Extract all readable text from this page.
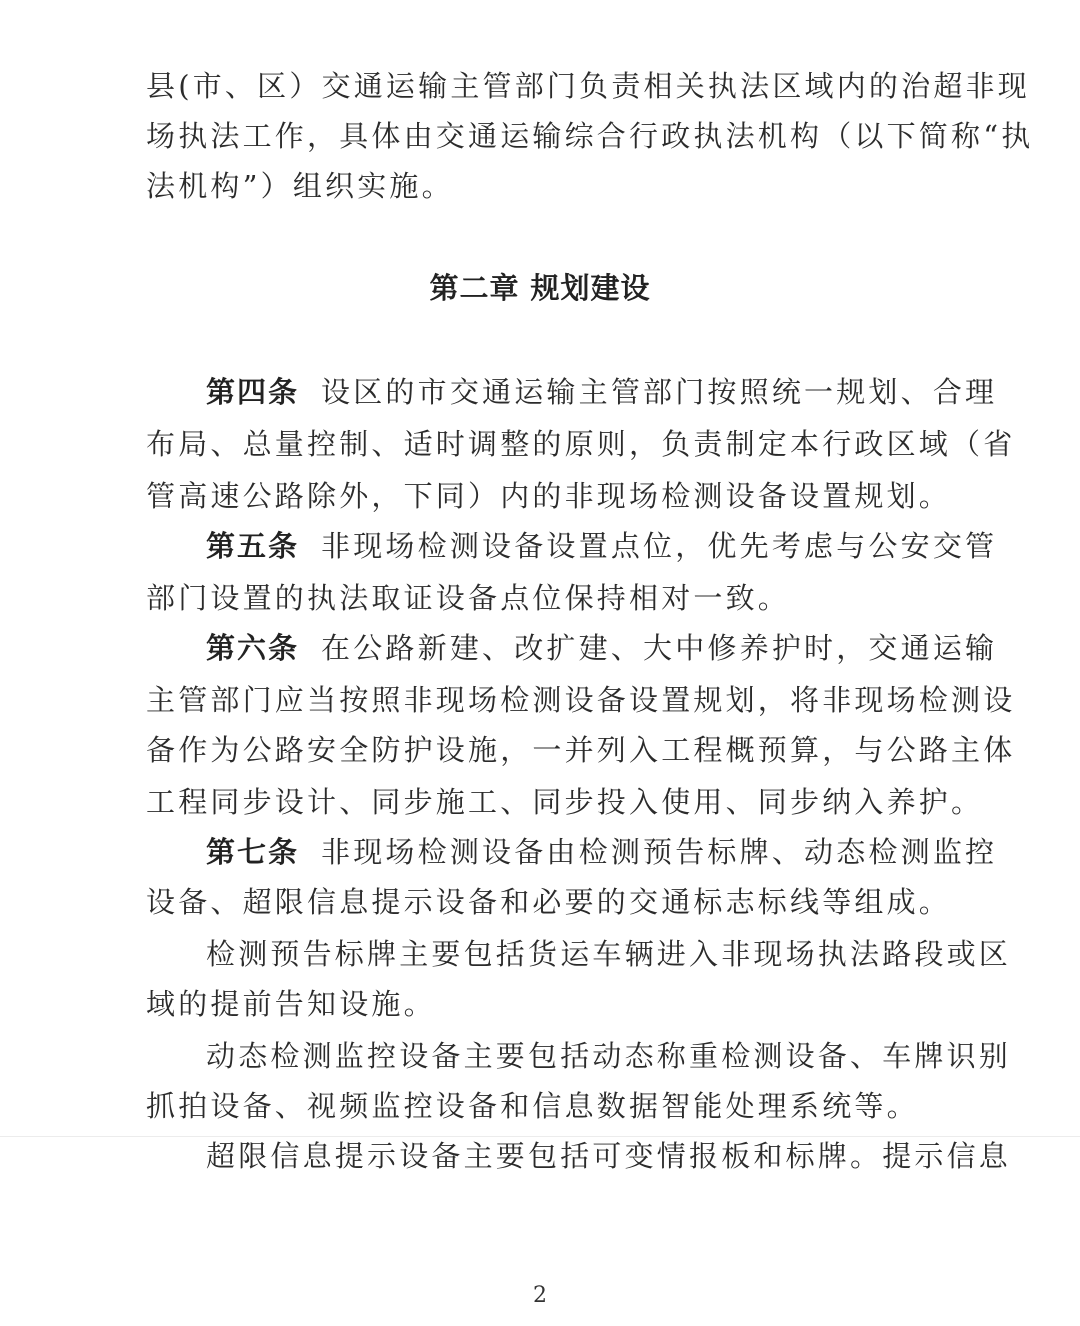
县(市、区）交通运输主管部门负责相关执法区域内的治超非现
场执法工作，具体由交通运输综合行政执法机构（以下简称“执
法机构”）组织实施。
第二章 规划建设
第四条 设区的市交通运输主管部门按照统一规划、合理
布局、总量控制、适时调整的原则，负责制定本行政区域（省
管高速公路除外，下同）内的非现场检测设备设置规划。
第五条 非现场检测设备设置点位，优先考虑与公安交管
部门设置的执法取证设备点位保持相对一致。
第六条 在公路新建、改扩建、大中修养护时，交通运输
主管部门应当按照非现场检测设备设置规划，将非现场检测设
备作为公路安全防护设施，一并列入工程概预算，与公路主体
工程同步设计、同步施工、同步投入使用、同步纳入养护。
第七条 非现场检测设备由检测预告标牌、动态检测监控
设备、超限信息提示设备和必要的交通标志标线等组成。
检测预告标牌主要包括货运车辆进入非现场执法路段或区
域的提前告知设施。
动态检测监控设备主要包括动态称重检测设备、车牌识别
抓拍设备、视频监控设备和信息数据智能处理系统等。
超限信息提示设备主要包括可变情报板和标牌。提示信息
2
